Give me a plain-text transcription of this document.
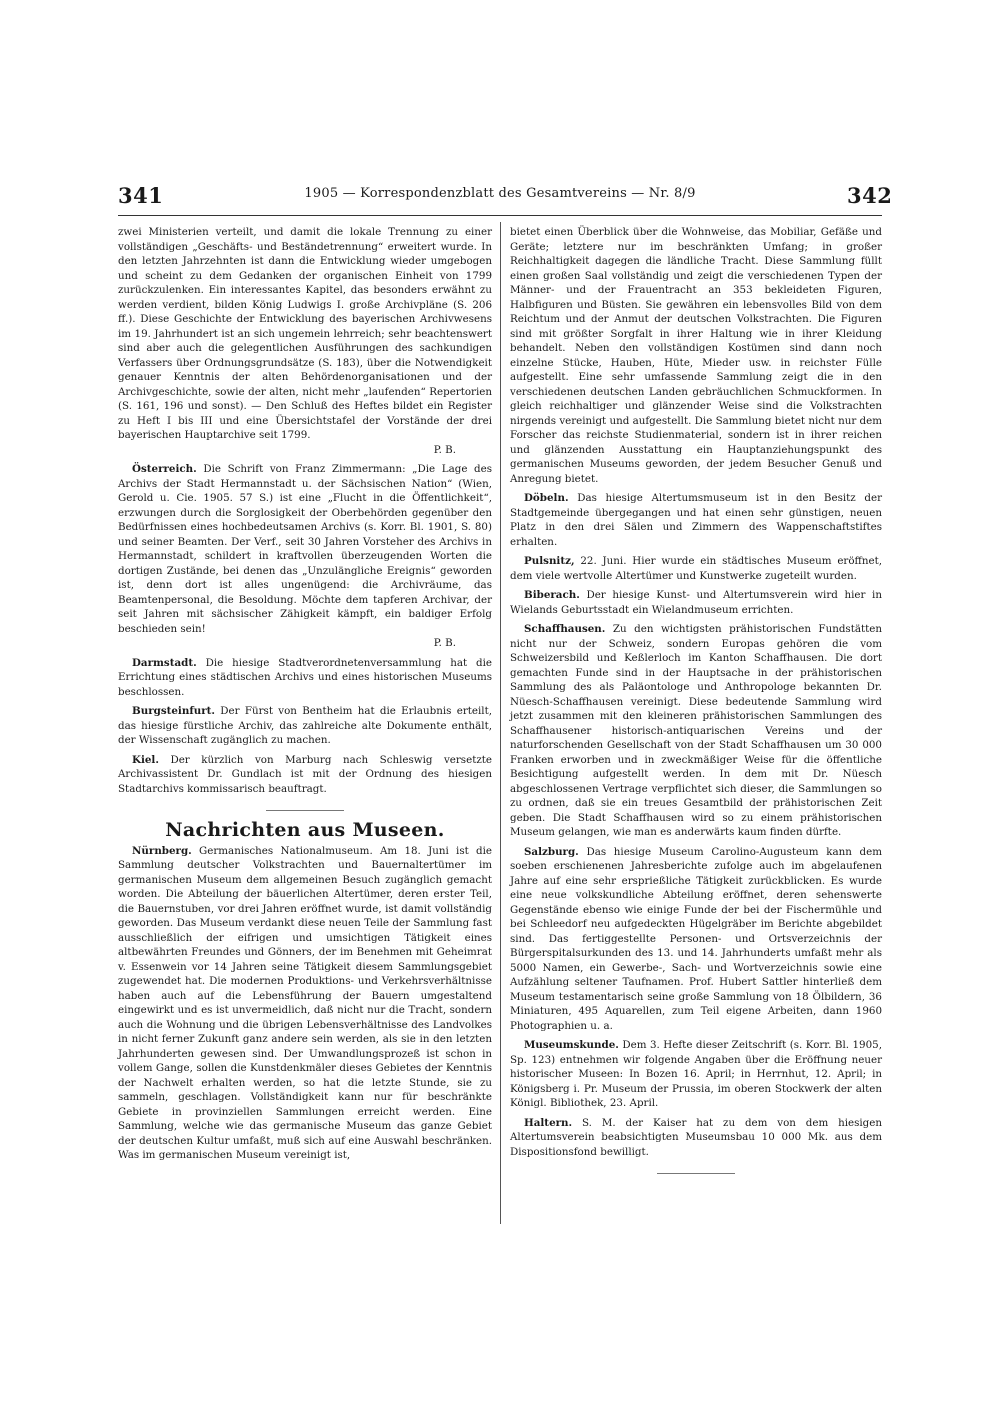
341	1905 — Korrespondenzblatt des Gesamtvereins — Nr. 8/9	342

zwei Ministerien verteilt, und damit die lokale Trennung zu einer vollständigen „Geschäfts- und Beständetrennung“ erweitert wurde. In den letzten Jahrzehnten ist dann die Entwicklung wieder umgebogen und scheint zu dem Gedanken der organischen Einheit von 1799 zurückzulenken. Ein interessantes Kapitel, das besonders erwähnt zu werden verdient, bilden König Ludwigs I. große Archivpläne (S. 206 ff.). Diese Geschichte der Entwicklung des bayerischen Archivwesens im 19. Jahrhundert ist an sich ungemein lehrreich; sehr beachtenswert sind aber auch die gelegentlichen Ausführungen des sachkundigen Verfassers über Ordnungsgrundsätze (S. 183), über die Notwendigkeit genauer Kenntnis der alten Behördenorganisationen und der Archivgeschichte, sowie der alten, nicht mehr „laufenden“ Repertorien (S. 161, 196 und sonst). — Den Schluß des Heftes bildet ein Register zu Heft I bis III und eine Übersichtstafel der Vorstände der drei bayerischen Hauptarchive seit 1799.

P. B.

Österreich. Die Schrift von Franz Zimmermann: „Die Lage des Archivs der Stadt Hermannstadt u. der Sächsischen Nation“ (Wien, Gerold u. Cie. 1905. 57 S.) ist eine „Flucht in die Öffentlichkeit“, erzwungen durch die Sorglosigkeit der Oberbehörden gegenüber den Bedürfnissen eines hochbedeutsamen Archivs (s. Korr. Bl. 1901, S. 80) und seiner Beamten. Der Verf., seit 30 Jahren Vorsteher des Archivs in Hermannstadt, schildert in kraftvollen überzeugenden Worten die dortigen Zustände, bei denen das „Unzulängliche Ereignis“ geworden ist, denn dort ist alles ungenügend: die Archivräume, das Beamtenpersonal, die Besoldung. Möchte dem tapferen Archivar, der seit Jahren mit sächsischer Zähigkeit kämpft, ein baldiger Erfolg beschieden sein!

P. B.

Darmstadt. Die hiesige Stadtverordnetenversammlung hat die Errichtung eines städtischen Archivs und eines historischen Museums beschlossen.

Burgsteinfurt. Der Fürst von Bentheim hat die Erlaubnis erteilt, das hiesige fürstliche Archiv, das zahlreiche alte Dokumente enthält, der Wissenschaft zugänglich zu machen.

Kiel. Der kürzlich von Marburg nach Schleswig versetzte Archivassistent Dr. Gundlach ist mit der Ordnung des hiesigen Stadtarchivs kommissarisch beauftragt.

Nachrichten aus Museen.

Nürnberg. Germanisches Nationalmuseum. Am 18. Juni ist die Sammlung deutscher Volkstrachten und Bauernaltertümer im germanischen Museum dem allgemeinen Besuch zugänglich gemacht worden. Die Abteilung der bäuerlichen Altertümer, deren erster Teil, die Bauernstuben, vor drei Jahren eröffnet wurde, ist damit vollständig geworden. Das Museum verdankt diese neuen Teile der Sammlung fast ausschließlich der eifrigen und umsichtigen Tätigkeit eines altbewährten Freundes und Gönners, der im Benehmen mit Geheimrat v. Essenwein vor 14 Jahren seine Tätigkeit diesem Sammlungsgebiet zugewendet hat. Die modernen Produktions- und Verkehrsverhältnisse haben auch auf die Lebensführung der Bauern umgestaltend eingewirkt und es ist unvermeidlich, daß nicht nur die Tracht, sondern auch die Wohnung und die übrigen Lebensverhältnisse des Landvolkes in nicht ferner Zukunft ganz andere sein werden, als sie in den letzten Jahrhunderten gewesen sind. Der Umwandlungsprozeß ist schon in vollem Gange, sollen die Kunstdenkmäler dieses Gebietes der Kenntnis der Nachwelt erhalten werden, so hat die letzte Stunde, sie zu sammeln, geschlagen. Vollständigkeit kann nur für beschränkte Gebiete in provinziellen Sammlungen erreicht werden. Eine Sammlung, welche wie das germanische Museum das ganze Gebiet der deutschen Kultur umfaßt, muß sich auf eine Auswahl beschränken. Was im germanischen Museum vereinigt ist,

bietet einen Überblick über die Wohnweise, das Mobiliar, Gefäße und Geräte; letztere nur im beschränkten Umfang; in großer Reichhaltigkeit dagegen die ländliche Tracht. Diese Sammlung füllt einen großen Saal vollständig und zeigt die verschiedenen Typen der Männer- und der Frauentracht an 353 bekleideten Figuren, Halbfiguren und Büsten. Sie gewähren ein lebensvolles Bild von dem Reichtum und der Anmut der deutschen Volkstrachten. Die Figuren sind mit größter Sorgfalt in ihrer Haltung wie in ihrer Kleidung behandelt. Neben den vollständigen Kostümen sind dann noch einzelne Stücke, Hauben, Hüte, Mieder usw. in reichster Fülle aufgestellt. Eine sehr umfassende Sammlung zeigt die in den verschiedenen deutschen Landen gebräuchlichen Schmuckformen. In gleich reichhaltiger und glänzender Weise sind die Volkstrachten nirgends vereinigt und aufgestellt. Die Sammlung bietet nicht nur dem Forscher das reichste Studienmaterial, sondern ist in ihrer reichen und glänzenden Ausstattung ein Hauptanziehungspunkt des germanischen Museums geworden, der jedem Besucher Genuß und Anregung bietet.

Döbeln. Das hiesige Altertumsmuseum ist in den Besitz der Stadtgemeinde übergegangen und hat einen sehr günstigen, neuen Platz in den drei Sälen und Zimmern des Wappenschaftstiftes erhalten.

Pulsnitz, 22. Juni. Hier wurde ein städtisches Museum eröffnet, dem viele wertvolle Altertümer und Kunstwerke zugeteilt wurden.

Biberach. Der hiesige Kunst- und Altertumsverein wird hier in Wielands Geburtsstadt ein Wielandmuseum errichten.

Schaffhausen. Zu den wichtigsten prähistorischen Fundstätten nicht nur der Schweiz, sondern Europas gehören die vom Schweizersbild und Keßlerloch im Kanton Schaffhausen. Die dort gemachten Funde sind in der Hauptsache in der prähistorischen Sammlung des als Paläontologe und Anthropologe bekannten Dr. Nüesch-Schaffhausen vereinigt. Diese bedeutende Sammlung wird jetzt zusammen mit den kleineren prähistorischen Sammlungen des Schaffhausener historisch-antiquarischen Vereins und der naturforschenden Gesellschaft von der Stadt Schaffhausen um 30 000 Franken erworben und in zweckmäßiger Weise für die öffentliche Besichtigung aufgestellt werden. In dem mit Dr. Nüesch abgeschlossenen Vertrage verpflichtet sich dieser, die Sammlungen so zu ordnen, daß sie ein treues Gesamtbild der prähistorischen Zeit geben. Die Stadt Schaffhausen wird so zu einem prähistorischen Museum gelangen, wie man es anderwärts kaum finden dürfte.

Salzburg. Das hiesige Museum Carolino-Augusteum kann dem soeben erschienenen Jahresberichte zufolge auch im abgelaufenen Jahre auf eine sehr ersprießliche Tätigkeit zurückblicken. Es wurde eine neue volkskundliche Abteilung eröffnet, deren sehenswerte Gegenstände ebenso wie einige Funde der bei der Fischermühle und bei Schleedorf neu aufgedeckten Hügelgräber im Berichte abgebildet sind. Das fertiggestellte Personen- und Ortsverzeichnis der Bürgerspitalsurkunden des 13. und 14. Jahrhunderts umfaßt mehr als 5000 Namen, ein Gewerbe-, Sach- und Wortverzeichnis sowie eine Aufzählung seltener Taufnamen. Prof. Hubert Sattler hinterließ dem Museum testamentarisch seine große Sammlung von 18 Ölbildern, 36 Miniaturen, 495 Aquarellen, zum Teil eigene Arbeiten, dann 1960 Photographien u. a.

Museumskunde. Dem 3. Hefte dieser Zeitschrift (s. Korr. Bl. 1905, Sp. 123) entnehmen wir folgende Angaben über die Eröffnung neuer historischer Museen: In Bozen 16. April; in Herrnhut, 12. April; in Königsberg i. Pr. Museum der Prussia, im oberen Stockwerk der alten Königl. Bibliothek, 23. April.

Haltern. S. M. der Kaiser hat zu dem von dem hiesigen Altertumsverein beabsichtigten Museumsbau 10 000 Mk. aus dem Dispositionsfond bewilligt.
